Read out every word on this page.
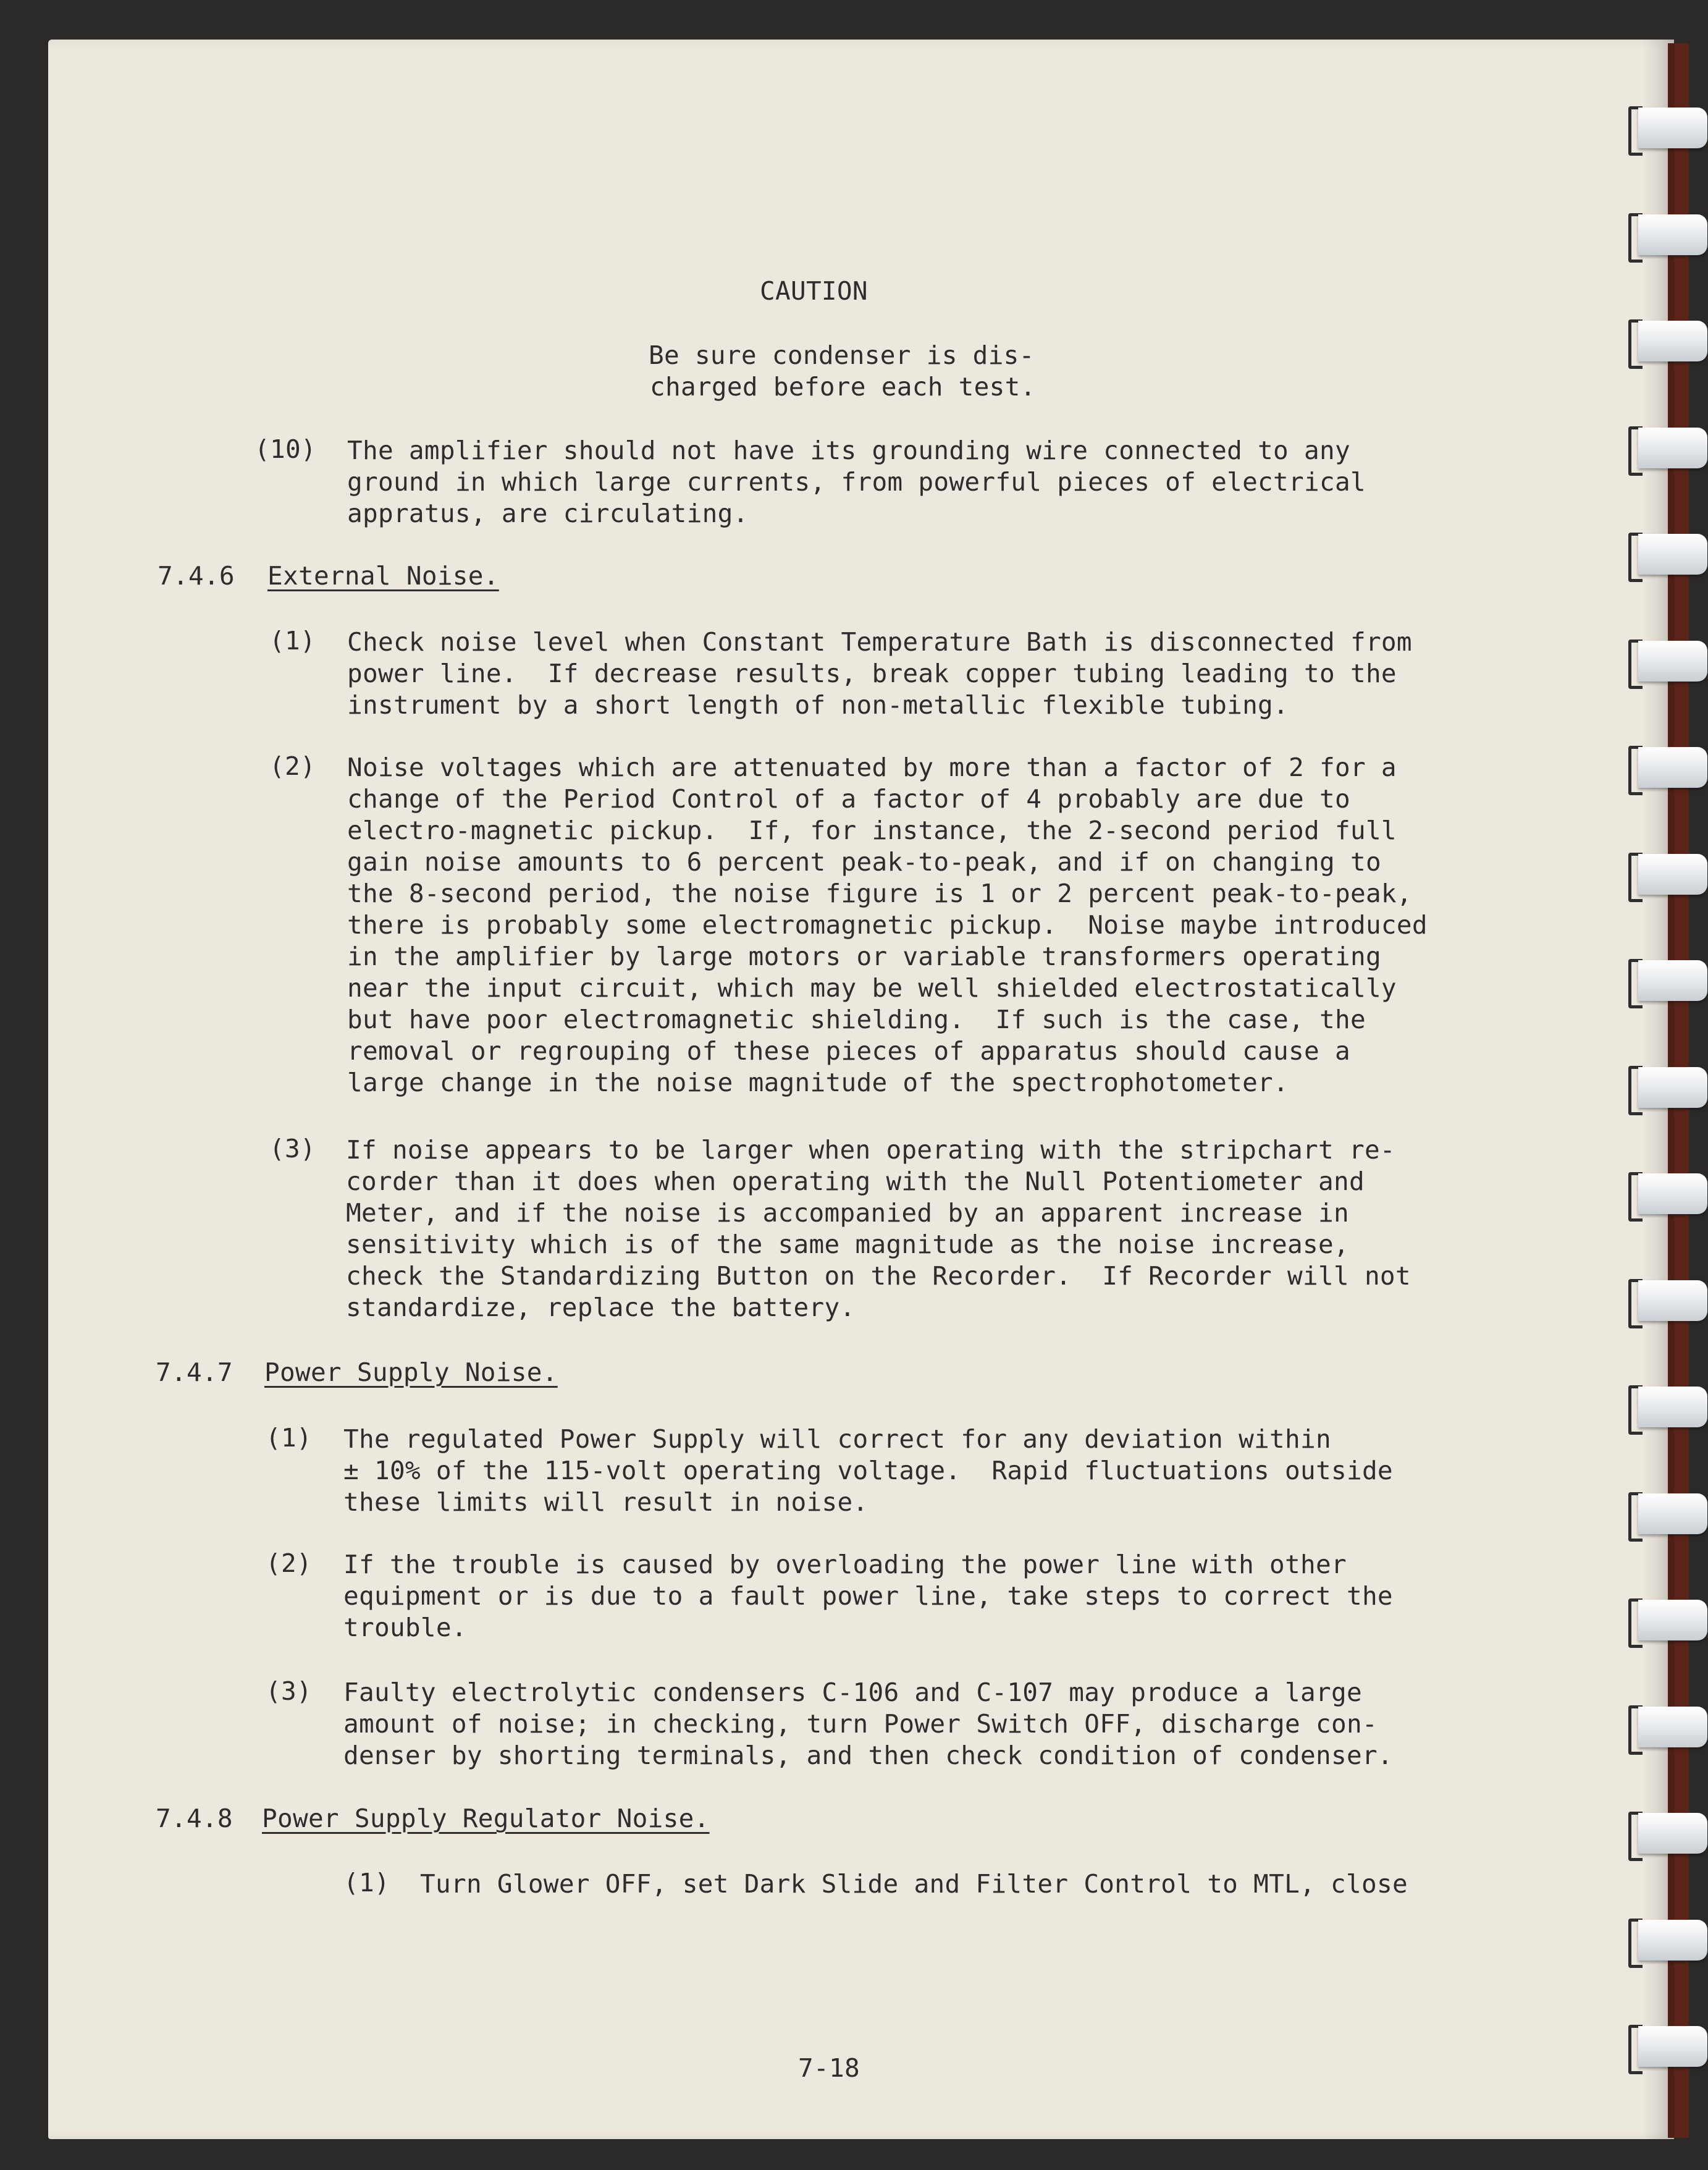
CAUTION
Be sure condenser is dis-
charged before each test.
(10) The amplifier should not have its grounding wire connected to any
ground in which large currents, from powerful pieces of electrical
appratus, are circulating.
7.4.6 External Noise.
(1) Check noise level when Constant Temperature Bath is disconnected from
power line.  If decrease results, break copper tubing leading to the
instrument by a short length of non-metallic flexible tubing.
(2) Noise voltages which are attenuated by more than a factor of 2 for a
change of the Period Control of a factor of 4 probably are due to
electro-magnetic pickup.  If, for instance, the 2-second period full
gain noise amounts to 6 percent peak-to-peak, and if on changing to
the 8-second period, the noise figure is 1 or 2 percent peak-to-peak,
there is probably some electromagnetic pickup.  Noise maybe introduced
in the amplifier by large motors or variable transformers operating
near the input circuit, which may be well shielded electrostatically
but have poor electromagnetic shielding.  If such is the case, the
removal or regrouping of these pieces of apparatus should cause a
large change in the noise magnitude of the spectrophotometer.
(3) If noise appears to be larger when operating with the stripchart re-
corder than it does when operating with the Null Potentiometer and
Meter, and if the noise is accompanied by an apparent increase in
sensitivity which is of the same magnitude as the noise increase,
check the Standardizing Button on the Recorder.  If Recorder will not
standardize, replace the battery.
7.4.7 Power Supply Noise.
(1) The regulated Power Supply will correct for any deviation within
± 10% of the 115-volt operating voltage.  Rapid fluctuations outside
these limits will result in noise.
(2) If the trouble is caused by overloading the power line with other
equipment or is due to a fault power line, take steps to correct the
trouble.
(3) Faulty electrolytic condensers C-106 and C-107 may produce a large
amount of noise; in checking, turn Power Switch OFF, discharge con-
denser by shorting terminals, and then check condition of condenser.
7.4.8 Power Supply Regulator Noise.
(1) Turn Glower OFF, set Dark Slide and Filter Control to MTL, close
7-18
